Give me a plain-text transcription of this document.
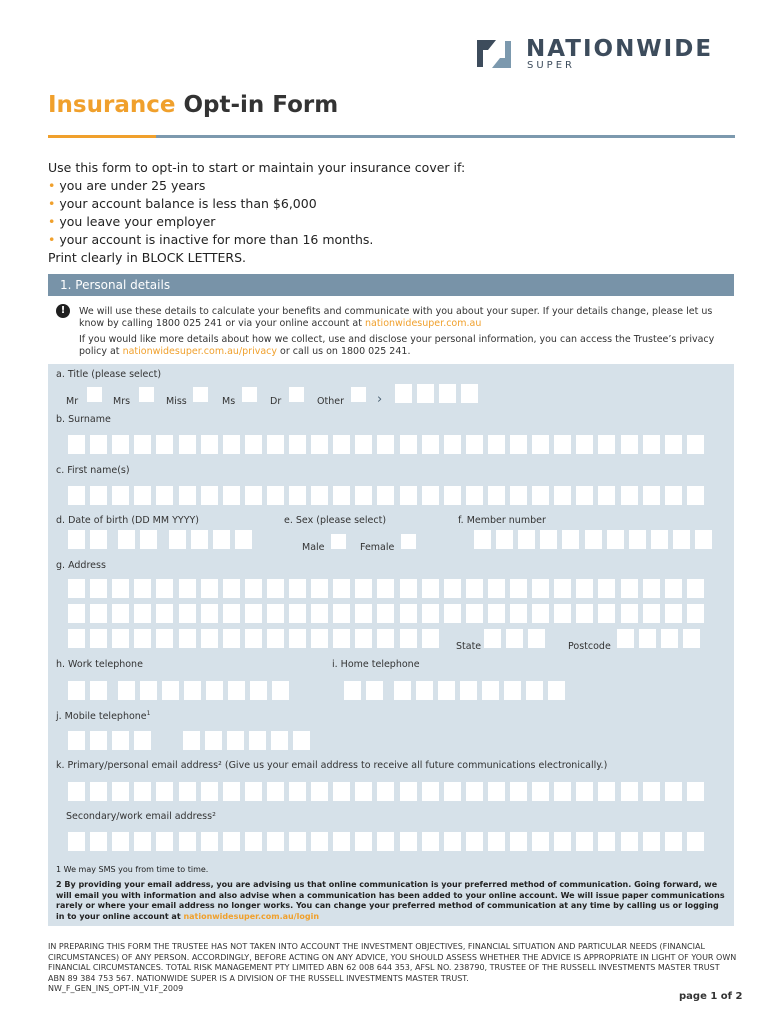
NATIONWIDE
SUPER
Insurance Opt-in Form
Use this form to opt-in to start or maintain your insurance cover if:
• you are under 25 years
• your account balance is less than $6,000
• you leave your employer
• your account is inactive for more than 16 months.
Print clearly in BLOCK LETTERS.
1. Personal details
!	We will use these details to calculate your benefits and communicate with you about your super. If your details change, please let us know by calling 1800 025 241 or via your online account at nationwidesuper.com.au
If you would like more details about how we collect, use and disclose your personal information, you can access the Trustee’s privacy policy at nationwidesuper.com.au/privacy or call us on 1800 025 241.
a. Title (please select)
Mr	Mrs	Miss	Ms	Dr	Other	›
b. Surname
c. First name(s)
d. Date of birth (DD MM YYYY)	e. Sex (please select)
Male	Female
f. Member number
g. Address
State	Postcode
h. Work telephone	i. Home telephone
j. Mobile telephone$^1$
k. Primary/personal email address² (Give us your email address to receive all future communications electronically.)
Secondary/work email address²
1 We may SMS you from time to time.
2 By providing your email address, you are advising us that online communication is your preferred method of communication. Going forward, we will email you with information and also advise when a communication has been added to your online account. We will issue paper communications rarely or where your email address no longer works. You can change your preferred method of communication at any time by calling us or logging in to your online account at nationwidesuper.com.au/login
IN PREPARING THIS FORM THE TRUSTEE HAS NOT TAKEN INTO ACCOUNT THE INVESTMENT OBJECTIVES, FINANCIAL SITUATION AND PARTICULAR NEEDS (FINANCIAL CIRCUMSTANCES) OF ANY PERSON. ACCORDINGLY, BEFORE ACTING ON ANY ADVICE, YOU SHOULD ASSESS WHETHER THE ADVICE IS APPROPRIATE IN LIGHT OF YOUR OWN FINANCIAL CIRCUMSTANCES. TOTAL RISK MANAGEMENT PTY LIMITED ABN 62 008 644 353, AFSL NO. 238790, TRUSTEE OF THE RUSSELL INVESTMENTS MASTER TRUST ABN 89 384 753 567. NATIONWIDE SUPER IS A DIVISION OF THE RUSSELL INVESTMENTS MASTER TRUST.
NW_F_GEN_INS_OPT-IN_V1F_2009
page 1 of 2
